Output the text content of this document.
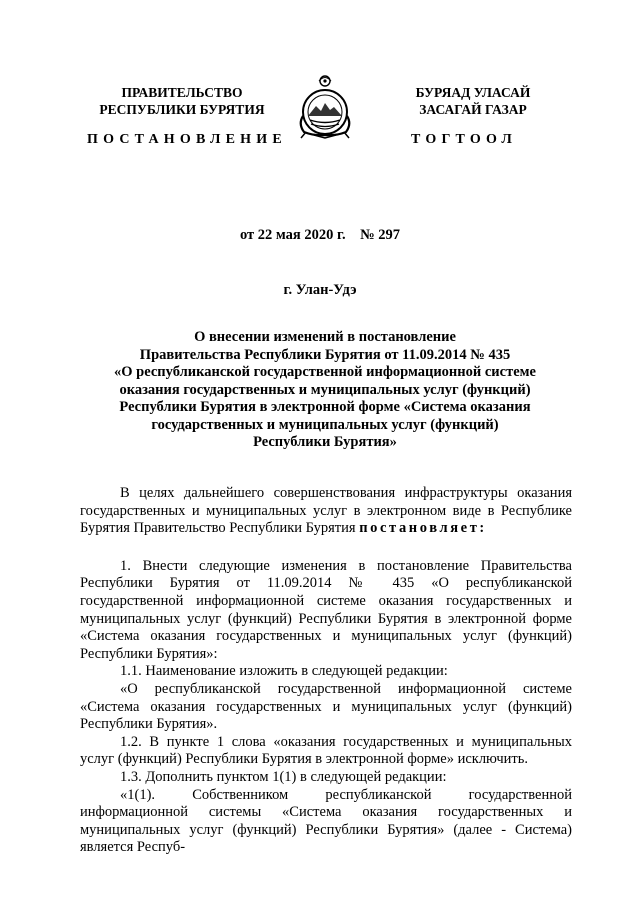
ПРАВИТЕЛЬСТВО
РЕСПУБЛИКИ БУРЯТИЯ
БУРЯАД УЛАСАЙ
ЗАСАГАЙ ГАЗАР
ПОСТАНОВЛЕНИЕ	ТОГТООЛ
от 22 мая 2020 г.    № 297
г. Улан-Удэ
О внесении изменений в постановление
Правительства Республики Бурятия от 11.09.2014 № 435
«О республиканской государственной информационной системе
оказания государственных и муниципальных услуг (функций)
Республики Бурятия в электронной форме «Система оказания
государственных и муниципальных услуг (функций)
Республики Бурятия»

В целях дальнейшего совершенствования инфраструктуры оказания государственных и муниципальных услуг в электронном виде в Республике Бурятия Правительство Республики Бурятия постановляет:

1. Внести следующие изменения в постановление Правительства Республики Бурятия от 11.09.2014 № 435 «О республиканской государственной информационной системе оказания государственных и муниципальных услуг (функций) Республики Бурятия в электронной форме «Система оказания государственных и муниципальных услуг (функций) Республики Бурятия»:

1.1. Наименование изложить в следующей редакции:

«О республиканской государственной информационной системе «Система оказания государственных и муниципальных услуг (функций) Республики Бурятия».

1.2. В пункте 1 слова «оказания государственных и муниципальных услуг (функций) Республики Бурятия в электронной форме» исключить.

1.3. Дополнить пунктом 1(1) в следующей редакции:

«1(1). Собственником республиканской государственной информационной системы «Система оказания государственных и муниципальных услуг (функций) Республики Бурятия» (далее - Система) является Респуб-
